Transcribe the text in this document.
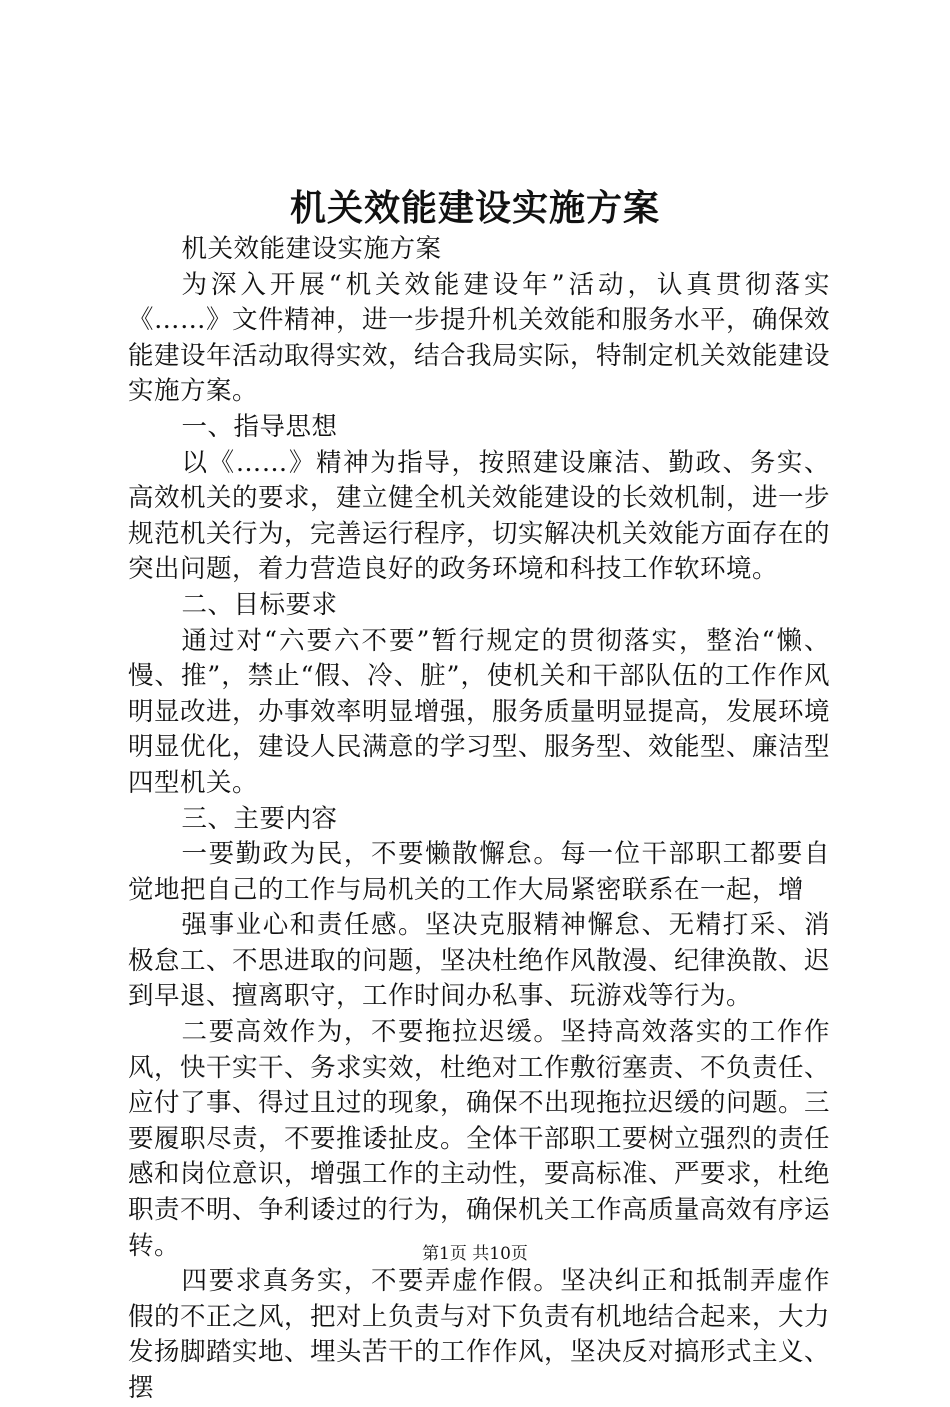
机关效能建设实施方案

机关效能建设实施方案

为深入开展“机关效能建设年”活动，认真贯彻落实《……》文件精神，进一步提升机关效能和服务水平，确保效能建设年活动取得实效，结合我局实际，特制定机关效能建设实施方案。

一、指导思想

以《……》精神为指导，按照建设廉洁、勤政、务实、高效机关的要求，建立健全机关效能建设的长效机制，进一步规范机关行为，完善运行程序，切实解决机关效能方面存在的突出问题，着力营造良好的政务环境和科技工作软环境。

二、目标要求

通过对“六要六不要”暂行规定的贯彻落实，整治“懒、慢、推”，禁止“假、冷、脏”，使机关和干部队伍的工作作风明显改进，办事效率明显增强，服务质量明显提高，发展环境明显优化，建设人民满意的学习型、服务型、效能型、廉洁型四型机关。

三、主要内容

一要勤政为民，不要懒散懈怠。每一位干部职工都要自觉地把自己的工作与局机关的工作大局紧密联系在一起，增

强事业心和责任感。坚决克服精神懈怠、无精打采、消极怠工、不思进取的问题，坚决杜绝作风散漫、纪律涣散、迟到早退、擅离职守，工作时间办私事、玩游戏等行为。

二要高效作为，不要拖拉迟缓。坚持高效落实的工作作风，快干实干、务求实效，杜绝对工作敷衍塞责、不负责任、应付了事、得过且过的现象，确保不出现拖拉迟缓的问题。三要履职尽责，不要推诿扯皮。全体干部职工要树立强烈的责任感和岗位意识，增强工作的主动性，要高标准、严要求，杜绝职责不明、争利诿过的行为，确保机关工作高质量高效有序运转。

四要求真务实，不要弄虚作假。坚决纠正和抵制弄虚作假的不正之风，把对上负责与对下负责有机地结合起来，大力发扬脚踏实地、埋头苦干的工作作风，坚决反对搞形式主义、摆

第1页 共10页
